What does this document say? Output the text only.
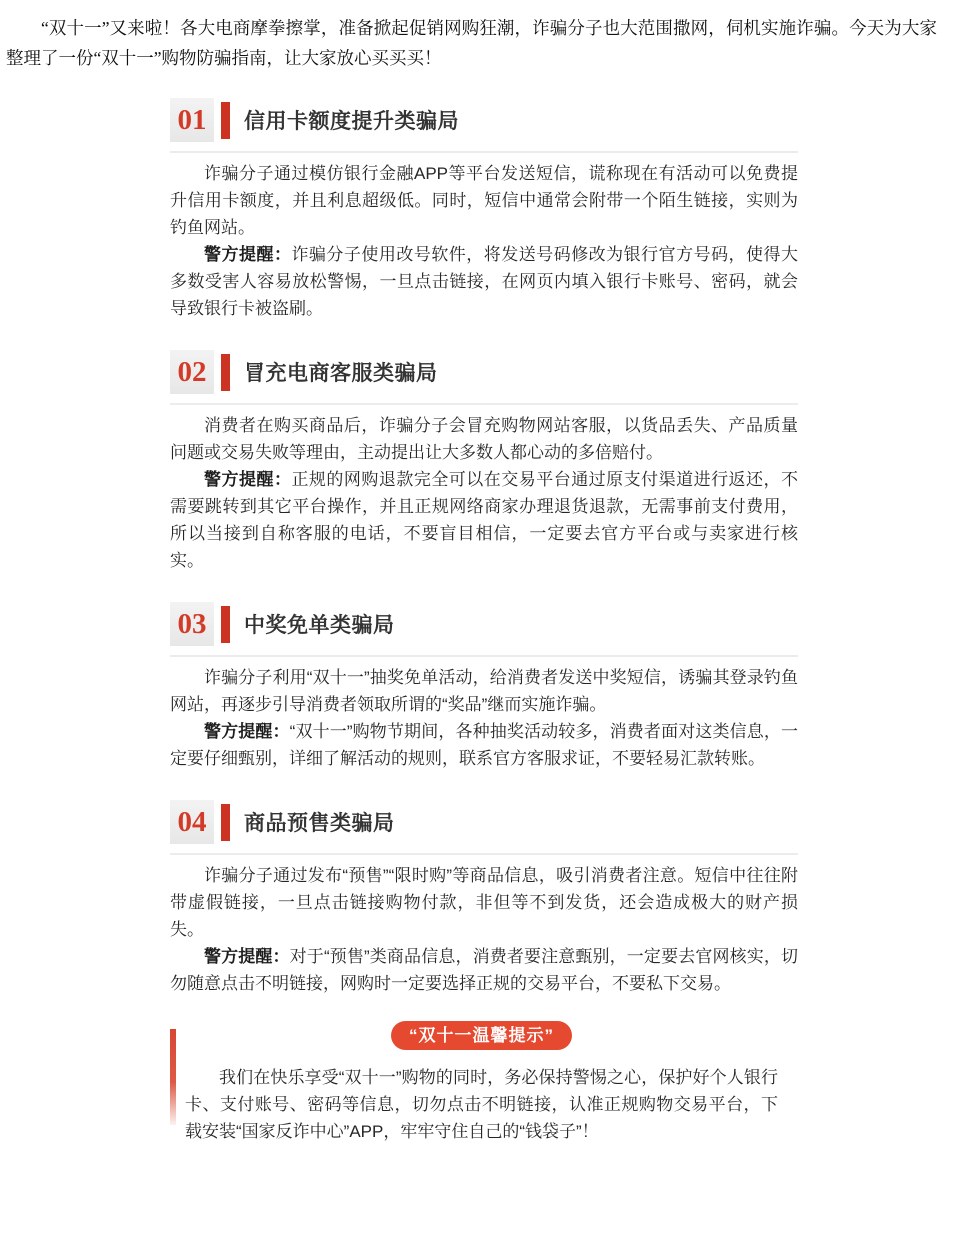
“双十一”又来啦！各大电商摩拳擦掌，准备掀起促销网购狂潮，诈骗分子也大范围撒网，伺机实施诈骗。今天为大家整理了一份“双十一”购物防骗指南，让大家放心买买买！

01 信用卡额度提升类骗局

诈骗分子通过模仿银行金融APP等平台发送短信，谎称现在有活动可以免费提升信用卡额度，并且利息超级低。同时，短信中通常会附带一个陌生链接，实则为钓鱼网站。

警方提醒：诈骗分子使用改号软件，将发送号码修改为银行官方号码，使得大多数受害人容易放松警惕，一旦点击链接，在网页内填入银行卡账号、密码，就会导致银行卡被盗刷。

02 冒充电商客服类骗局

消费者在购买商品后，诈骗分子会冒充购物网站客服，以货品丢失、产品质量问题或交易失败等理由，主动提出让大多数人都心动的多倍赔付。

警方提醒：正规的网购退款完全可以在交易平台通过原支付渠道进行返还，不需要跳转到其它平台操作，并且正规网络商家办理退货退款，无需事前支付费用，所以当接到自称客服的电话，不要盲目相信，一定要去官方平台或与卖家进行核实。

03 中奖免单类骗局

诈骗分子利用“双十一”抽奖免单活动，给消费者发送中奖短信，诱骗其登录钓鱼网站，再逐步引导消费者领取所谓的“奖品”继而实施诈骗。

警方提醒：“双十一”购物节期间，各种抽奖活动较多，消费者面对这类信息，一定要仔细甄别，详细了解活动的规则，联系官方客服求证，不要轻易汇款转账。

04 商品预售类骗局

诈骗分子通过发布“预售”“限时购”等商品信息，吸引消费者注意。短信中往往附带虚假链接，一旦点击链接购物付款，非但等不到发货，还会造成极大的财产损失。

警方提醒：对于“预售”类商品信息，消费者要注意甄别，一定要去官网核实，切勿随意点击不明链接，网购时一定要选择正规的交易平台，不要私下交易。

“双十一温馨提示”

我们在快乐享受“双十一”购物的同时，务必保持警惕之心，保护好个人银行卡、支付账号、密码等信息，切勿点击不明链接，认准正规购物交易平台，下载安装“国家反诈中心”APP，牢牢守住自己的“钱袋子”！
